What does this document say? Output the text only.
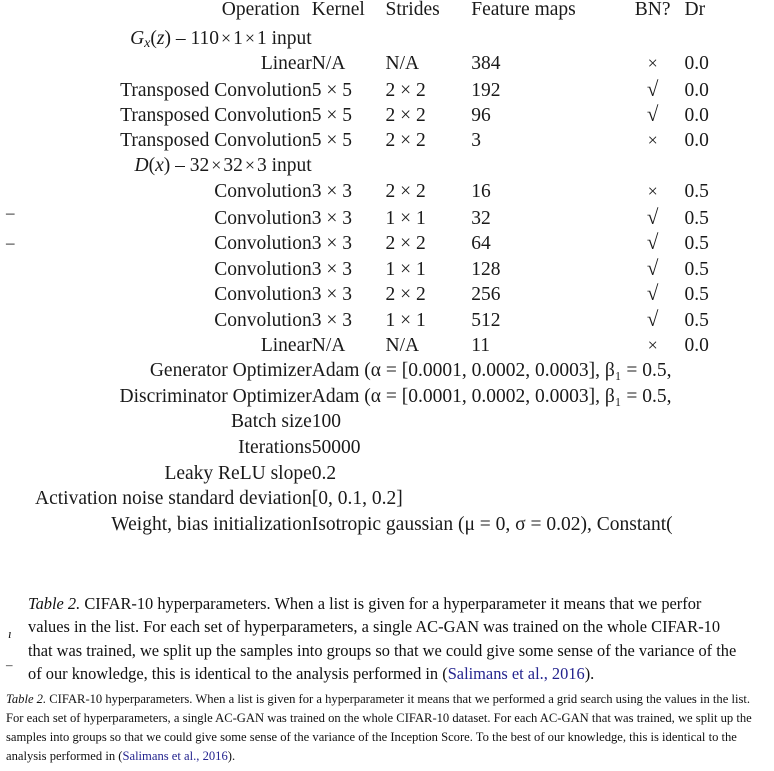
Operation	Kernel	Strides	Feature maps	BN?	Dr

Gx(z) – 110 × 1 × 1 input					
Linear	N/A	N/A	384	×	0.0
Transposed Convolution	5 × 5	2 × 2	192	√	0.0
Transposed Convolution	5 × 5	2 × 2	96	√	0.0
Transposed Convolution	5 × 5	2 × 2	3	×	0.0
D(x) – 32 × 32 × 3 input					
Convolution	3 × 3	2 × 2	16	×	0.5
Convolution	3 × 3	1 × 1	32	√	0.5
Convolution	3 × 3	2 × 2	64	√	0.5
Convolution	3 × 3	1 × 1	128	√	0.5
Convolution	3 × 3	2 × 2	256	√	0.5
Convolution	3 × 3	1 × 1	512	√	0.5
Linear	N/A	N/A	11	×	0.0
Generator Optimizer	Adam (α = [0.0001, 0.0002, 0.0003], β₁ = 0.5,				
Discriminator Optimizer	Adam (α = [0.0001, 0.0002, 0.0003], β₁ = 0.5,				
Batch size	100				
Iterations	50000				
Leaky ReLU slope	0.2				
Activation noise standard deviation	[0, 0.1, 0.2]				
Weight, bias initialization	Isotropic gaussian (μ = 0, σ = 0.02), Constant(				

–
–
ı
–
Table 2. CIFAR-10 hyperparameters. When a list is given for a hyperparameter it means that we perfor
values in the list. For each set of hyperparameters, a single AC-GAN was trained on the whole CIFAR-10
that was trained, we split up the samples into groups so that we could give some sense of the variance of the
of our knowledge, this is identical to the analysis performed in (Salimans et al., 2016).
Table 2. CIFAR-10 hyperparameters. When a list is given for a hyperparameter it means that we performed a grid search using the values in the list. For each set of hyperparameters, a single AC-GAN was trained on the whole CIFAR-10 dataset. For each AC-GAN that was trained, we split up the samples into groups so that we could give some sense of the variance of the Inception Score. To the best of our knowledge, this is identical to the analysis performed in (Salimans et al., 2016).
